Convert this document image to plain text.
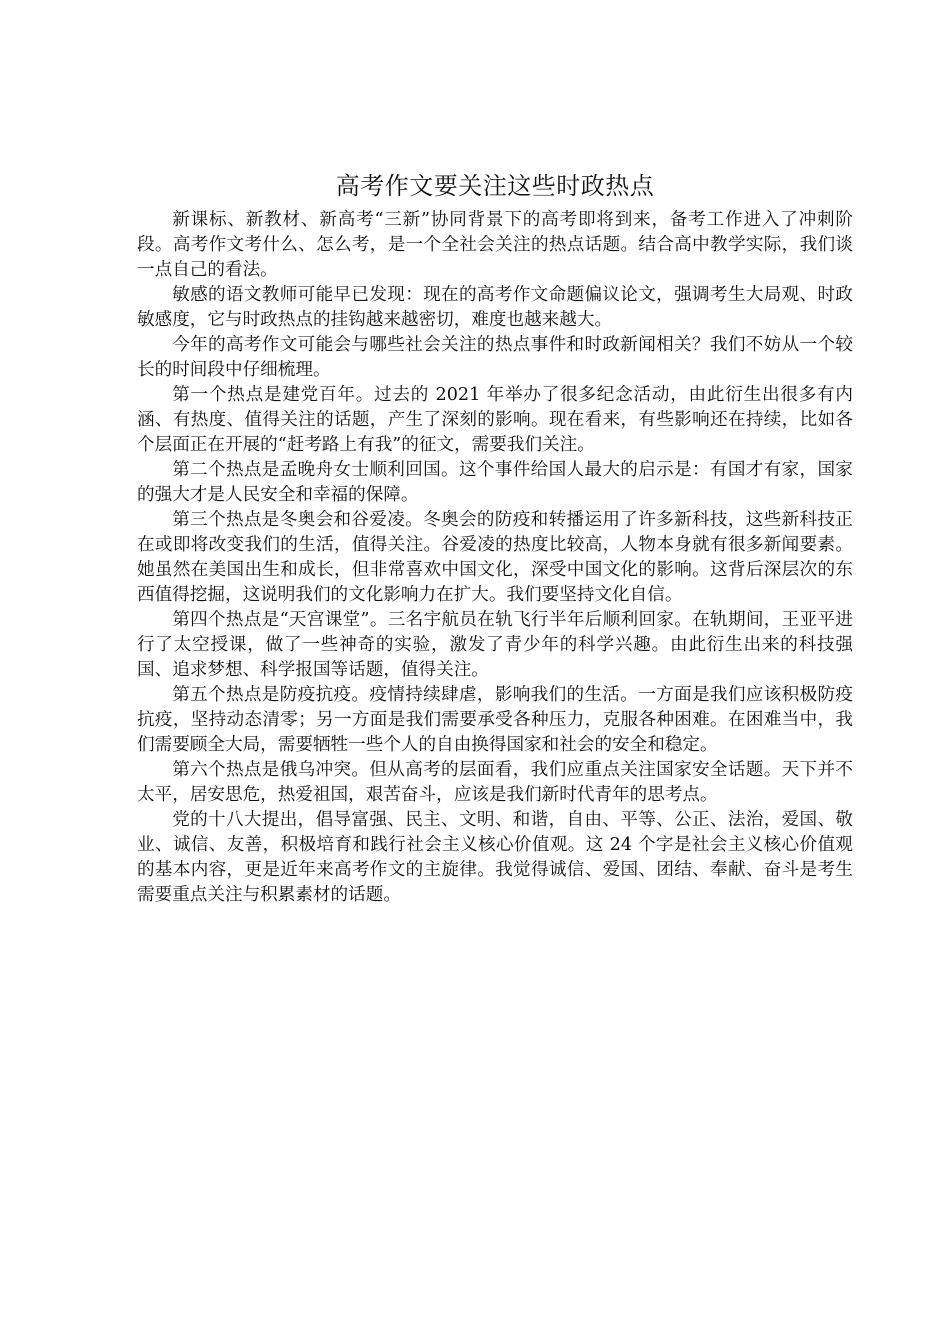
高考作文要关注这些时政热点

新课标、新教材、新高考“三新”协同背景下的高考即将到来，备考工作进入了冲刺阶段。高考作文考什么、怎么考，是一个全社会关注的热点话题。结合高中教学实际，我们谈一点自己的看法。

敏感的语文教师可能早已发现：现在的高考作文命题偏议论文，强调考生大局观、时政敏感度，它与时政热点的挂钩越来越密切，难度也越来越大。

今年的高考作文可能会与哪些社会关注的热点事件和时政新闻相关？我们不妨从一个较长的时间段中仔细梳理。

第一个热点是建党百年。过去的 2021 年举办了很多纪念活动，由此衍生出很多有内涵、有热度、值得关注的话题，产生了深刻的影响。现在看来，有些影响还在持续，比如各个层面正在开展的“赶考路上有我”的征文，需要我们关注。

第二个热点是孟晚舟女士顺利回国。这个事件给国人最大的启示是：有国才有家，国家的强大才是人民安全和幸福的保障。

第三个热点是冬奥会和谷爱凌。冬奥会的防疫和转播运用了许多新科技，这些新科技正在或即将改变我们的生活，值得关注。谷爱凌的热度比较高，人物本身就有很多新闻要素。她虽然在美国出生和成长，但非常喜欢中国文化，深受中国文化的影响。这背后深层次的东西值得挖掘，这说明我们的文化影响力在扩大。我们要坚持文化自信。

第四个热点是“天宫课堂”。三名宇航员在轨飞行半年后顺利回家。在轨期间，王亚平进行了太空授课，做了一些神奇的实验，激发了青少年的科学兴趣。由此衍生出来的科技强国、追求梦想、科学报国等话题，值得关注。

第五个热点是防疫抗疫。疫情持续肆虐，影响我们的生活。一方面是我们应该积极防疫抗疫，坚持动态清零；另一方面是我们需要承受各种压力，克服各种困难。在困难当中，我们需要顾全大局，需要牺牲一些个人的自由换得国家和社会的安全和稳定。

第六个热点是俄乌冲突。但从高考的层面看，我们应重点关注国家安全话题。天下并不太平，居安思危，热爱祖国，艰苦奋斗，应该是我们新时代青年的思考点。

党的十八大提出，倡导富强、民主、文明、和谐，自由、平等、公正、法治，爱国、敬业、诚信、友善，积极培育和践行社会主义核心价值观。这 24 个字是社会主义核心价值观的基本内容，更是近年来高考作文的主旋律。我觉得诚信、爱国、团结、奉献、奋斗是考生需要重点关注与积累素材的话题。
